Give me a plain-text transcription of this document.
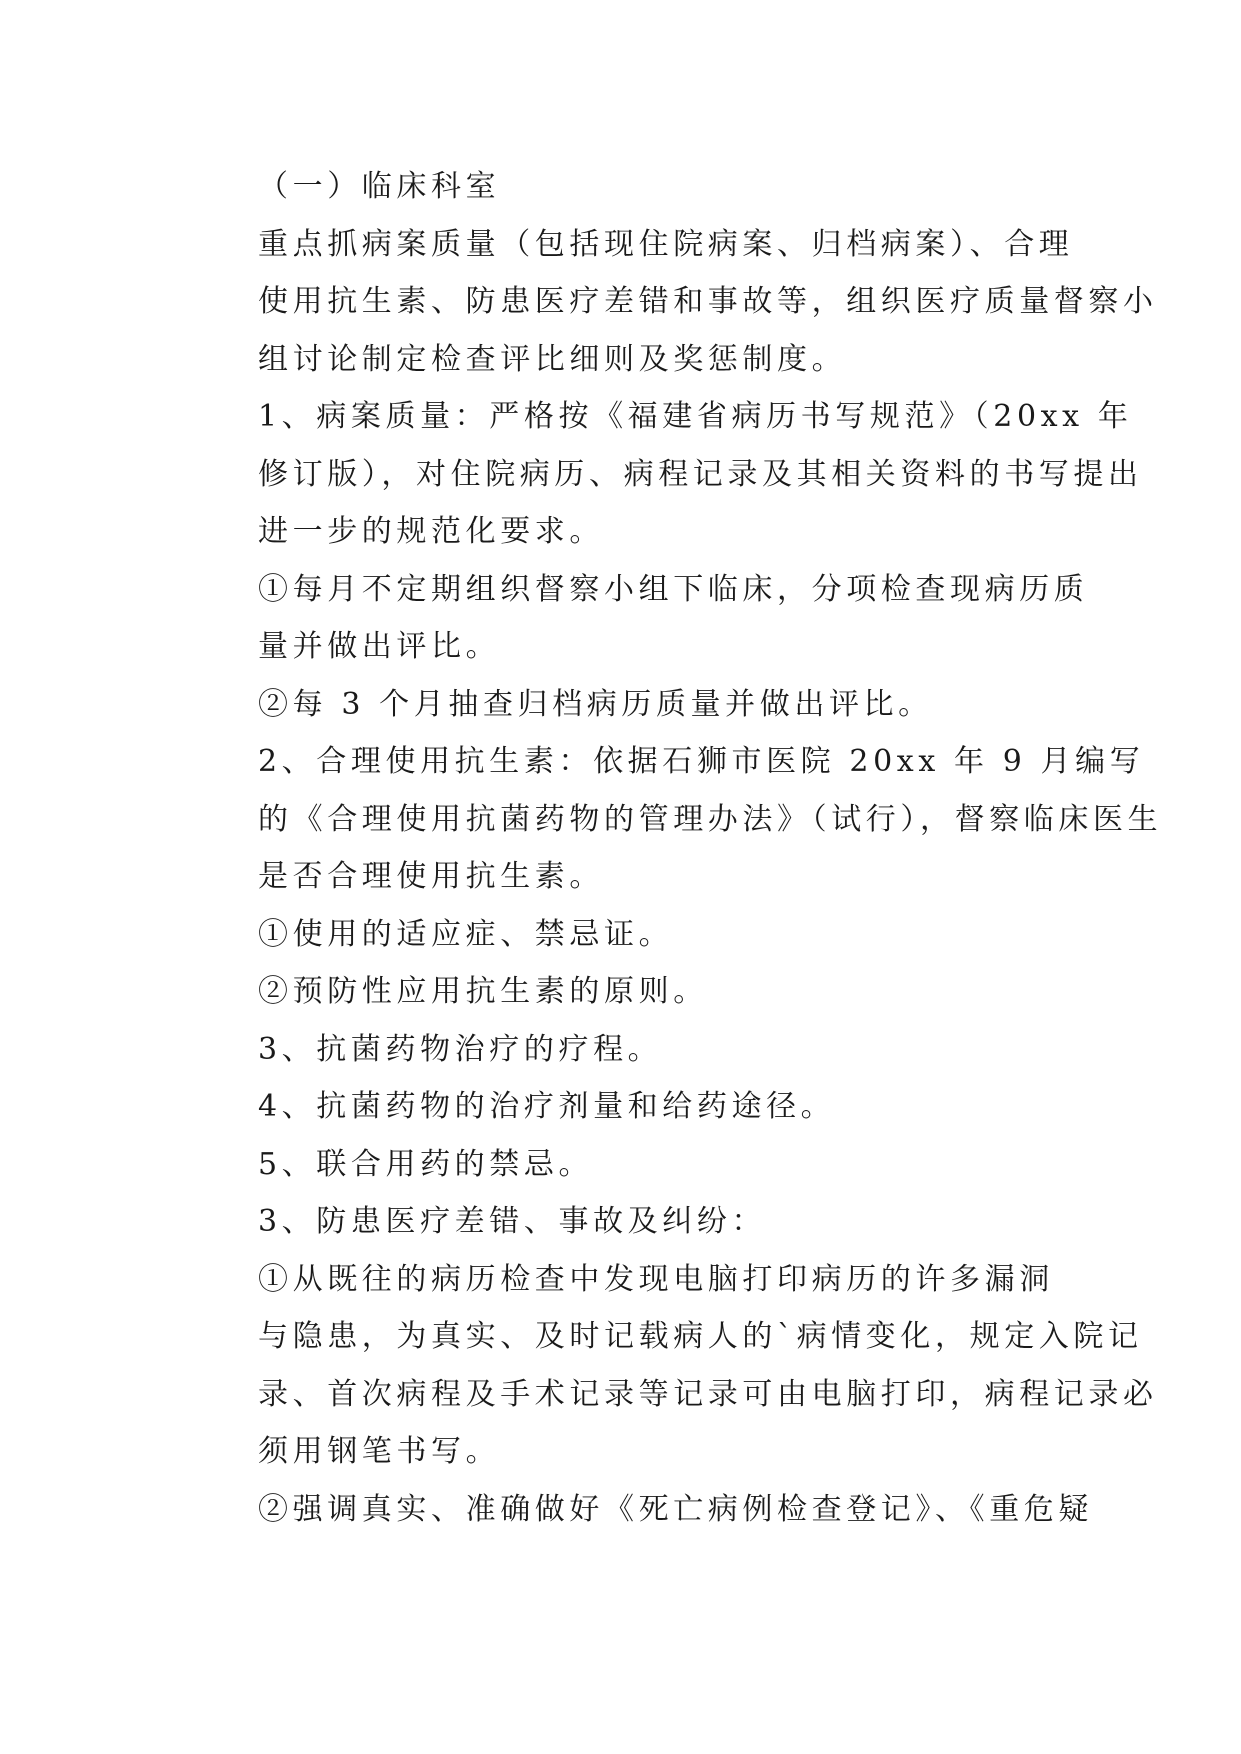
（一）临床科室

重点抓病案质量（包括现住院病案、归档病案）、合理
使用抗生素、防患医疗差错和事故等，组织医疗质量督察小
组讨论制定检查评比细则及奖惩制度。

1、病案质量：严格按《福建省病历书写规范》（20xx 年
修订版），对住院病历、病程记录及其相关资料的书写提出
进一步的规范化要求。

①每月不定期组织督察小组下临床，分项检查现病历质
量并做出评比。

②每 3 个月抽查归档病历质量并做出评比。

2、合理使用抗生素：依据石狮市医院 20xx 年 9 月编写
的《合理使用抗菌药物的管理办法》（试行），督察临床医生
是否合理使用抗生素。

①使用的适应症、禁忌证。

②预防性应用抗生素的原则。

3、抗菌药物治疗的疗程。

4、抗菌药物的治疗剂量和给药途径。

5、联合用药的禁忌。

3、防患医疗差错、事故及纠纷：

①从既往的病历检查中发现电脑打印病历的许多漏洞
与隐患，为真实、及时记载病人的`病情变化，规定入院记
录、首次病程及手术记录等记录可由电脑打印，病程记录必
须用钢笔书写。

②强调真实、准确做好《死亡病例检查登记》、《重危疑
